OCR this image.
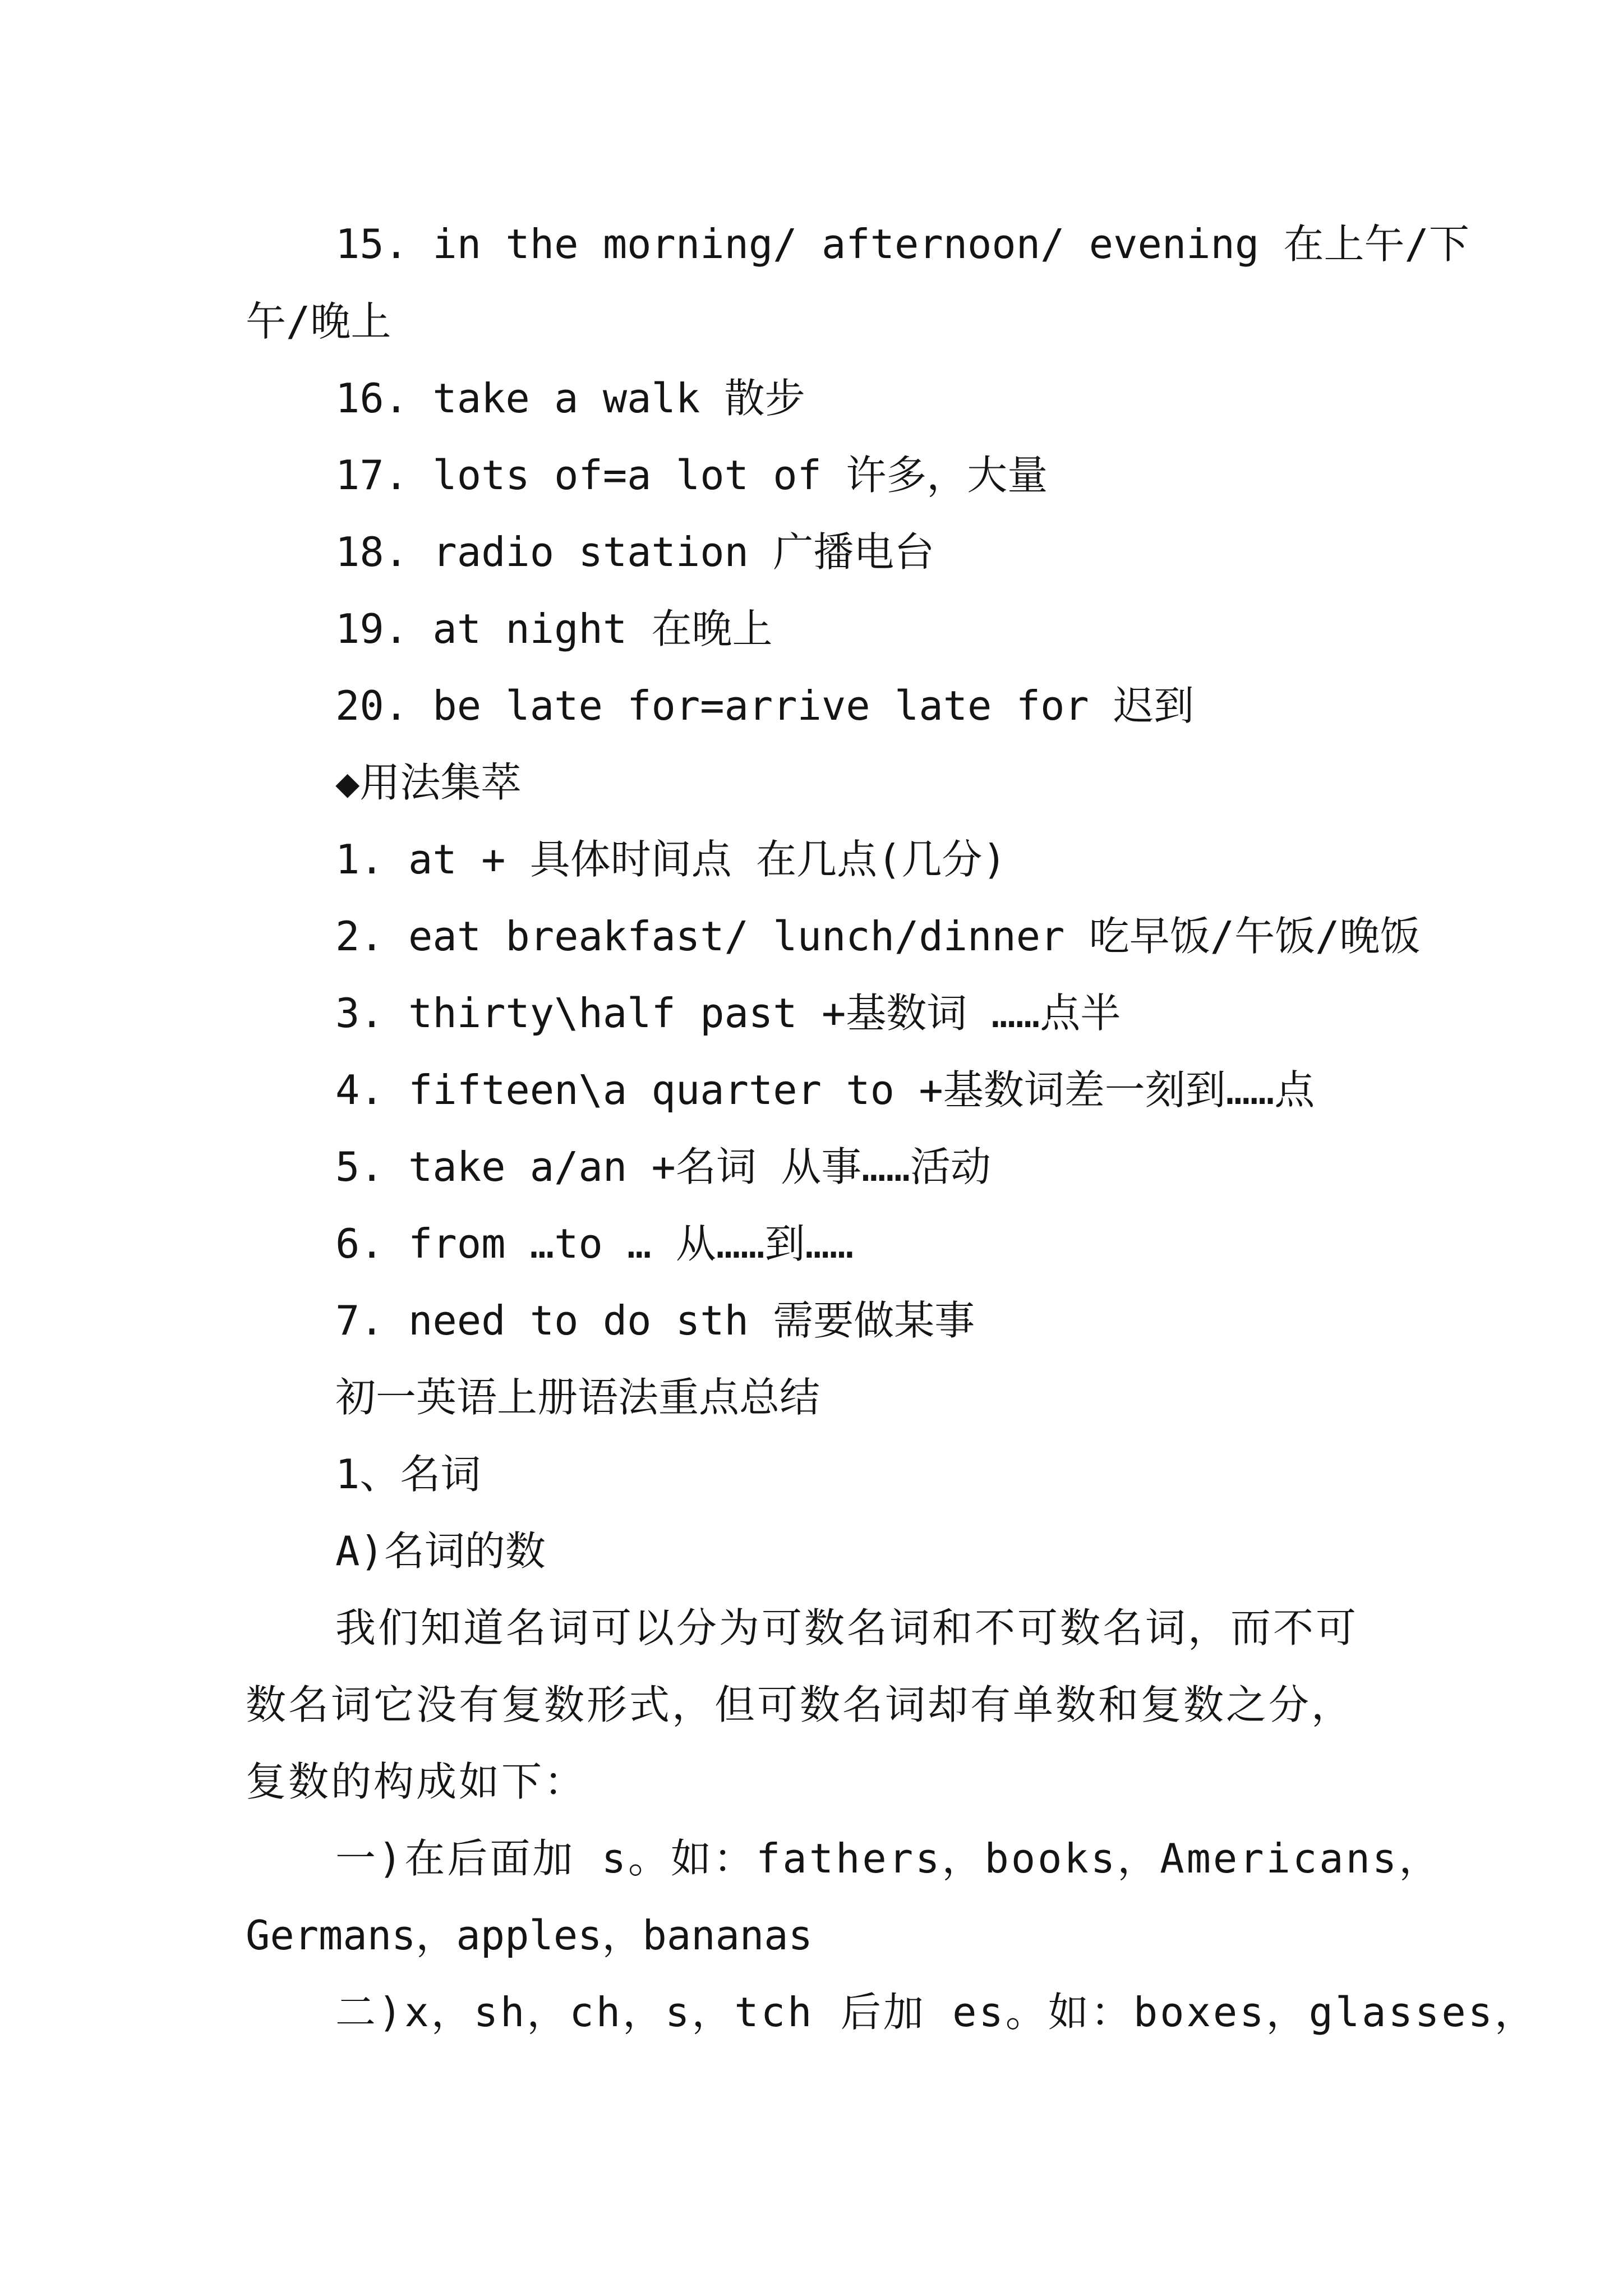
15. in the morning/ afternoon/ evening 在上午/下
午/晚上
16. take a walk 散步
17. lots of=a lot of 许多，大量
18. radio station 广播电台
19. at night 在晚上
20. be late for=arrive late for 迟到
◆用法集萃
1. at + 具体时间点 在几点(几分)
2. eat breakfast/ lunch/dinner 吃早饭/午饭/晚饭
3. thirty\half past +基数词 ……点半
4. fifteen\a quarter to +基数词差一刻到……点
5. take a/an +名词 从事……活动
6. from …to … 从……到……
7. need to do sth 需要做某事
初一英语上册语法重点总结
1、名词
A)名词的数
我们知道名词可以分为可数名词和不可数名词，而不可
数名词它没有复数形式，但可数名词却有单数和复数之分，
复数的构成如下：
一)在后面加 s。如：fathers，books，Americans，
Germans，apples，bananas
二)x，sh，ch，s，tch 后加 es。如：boxes，glasses，
